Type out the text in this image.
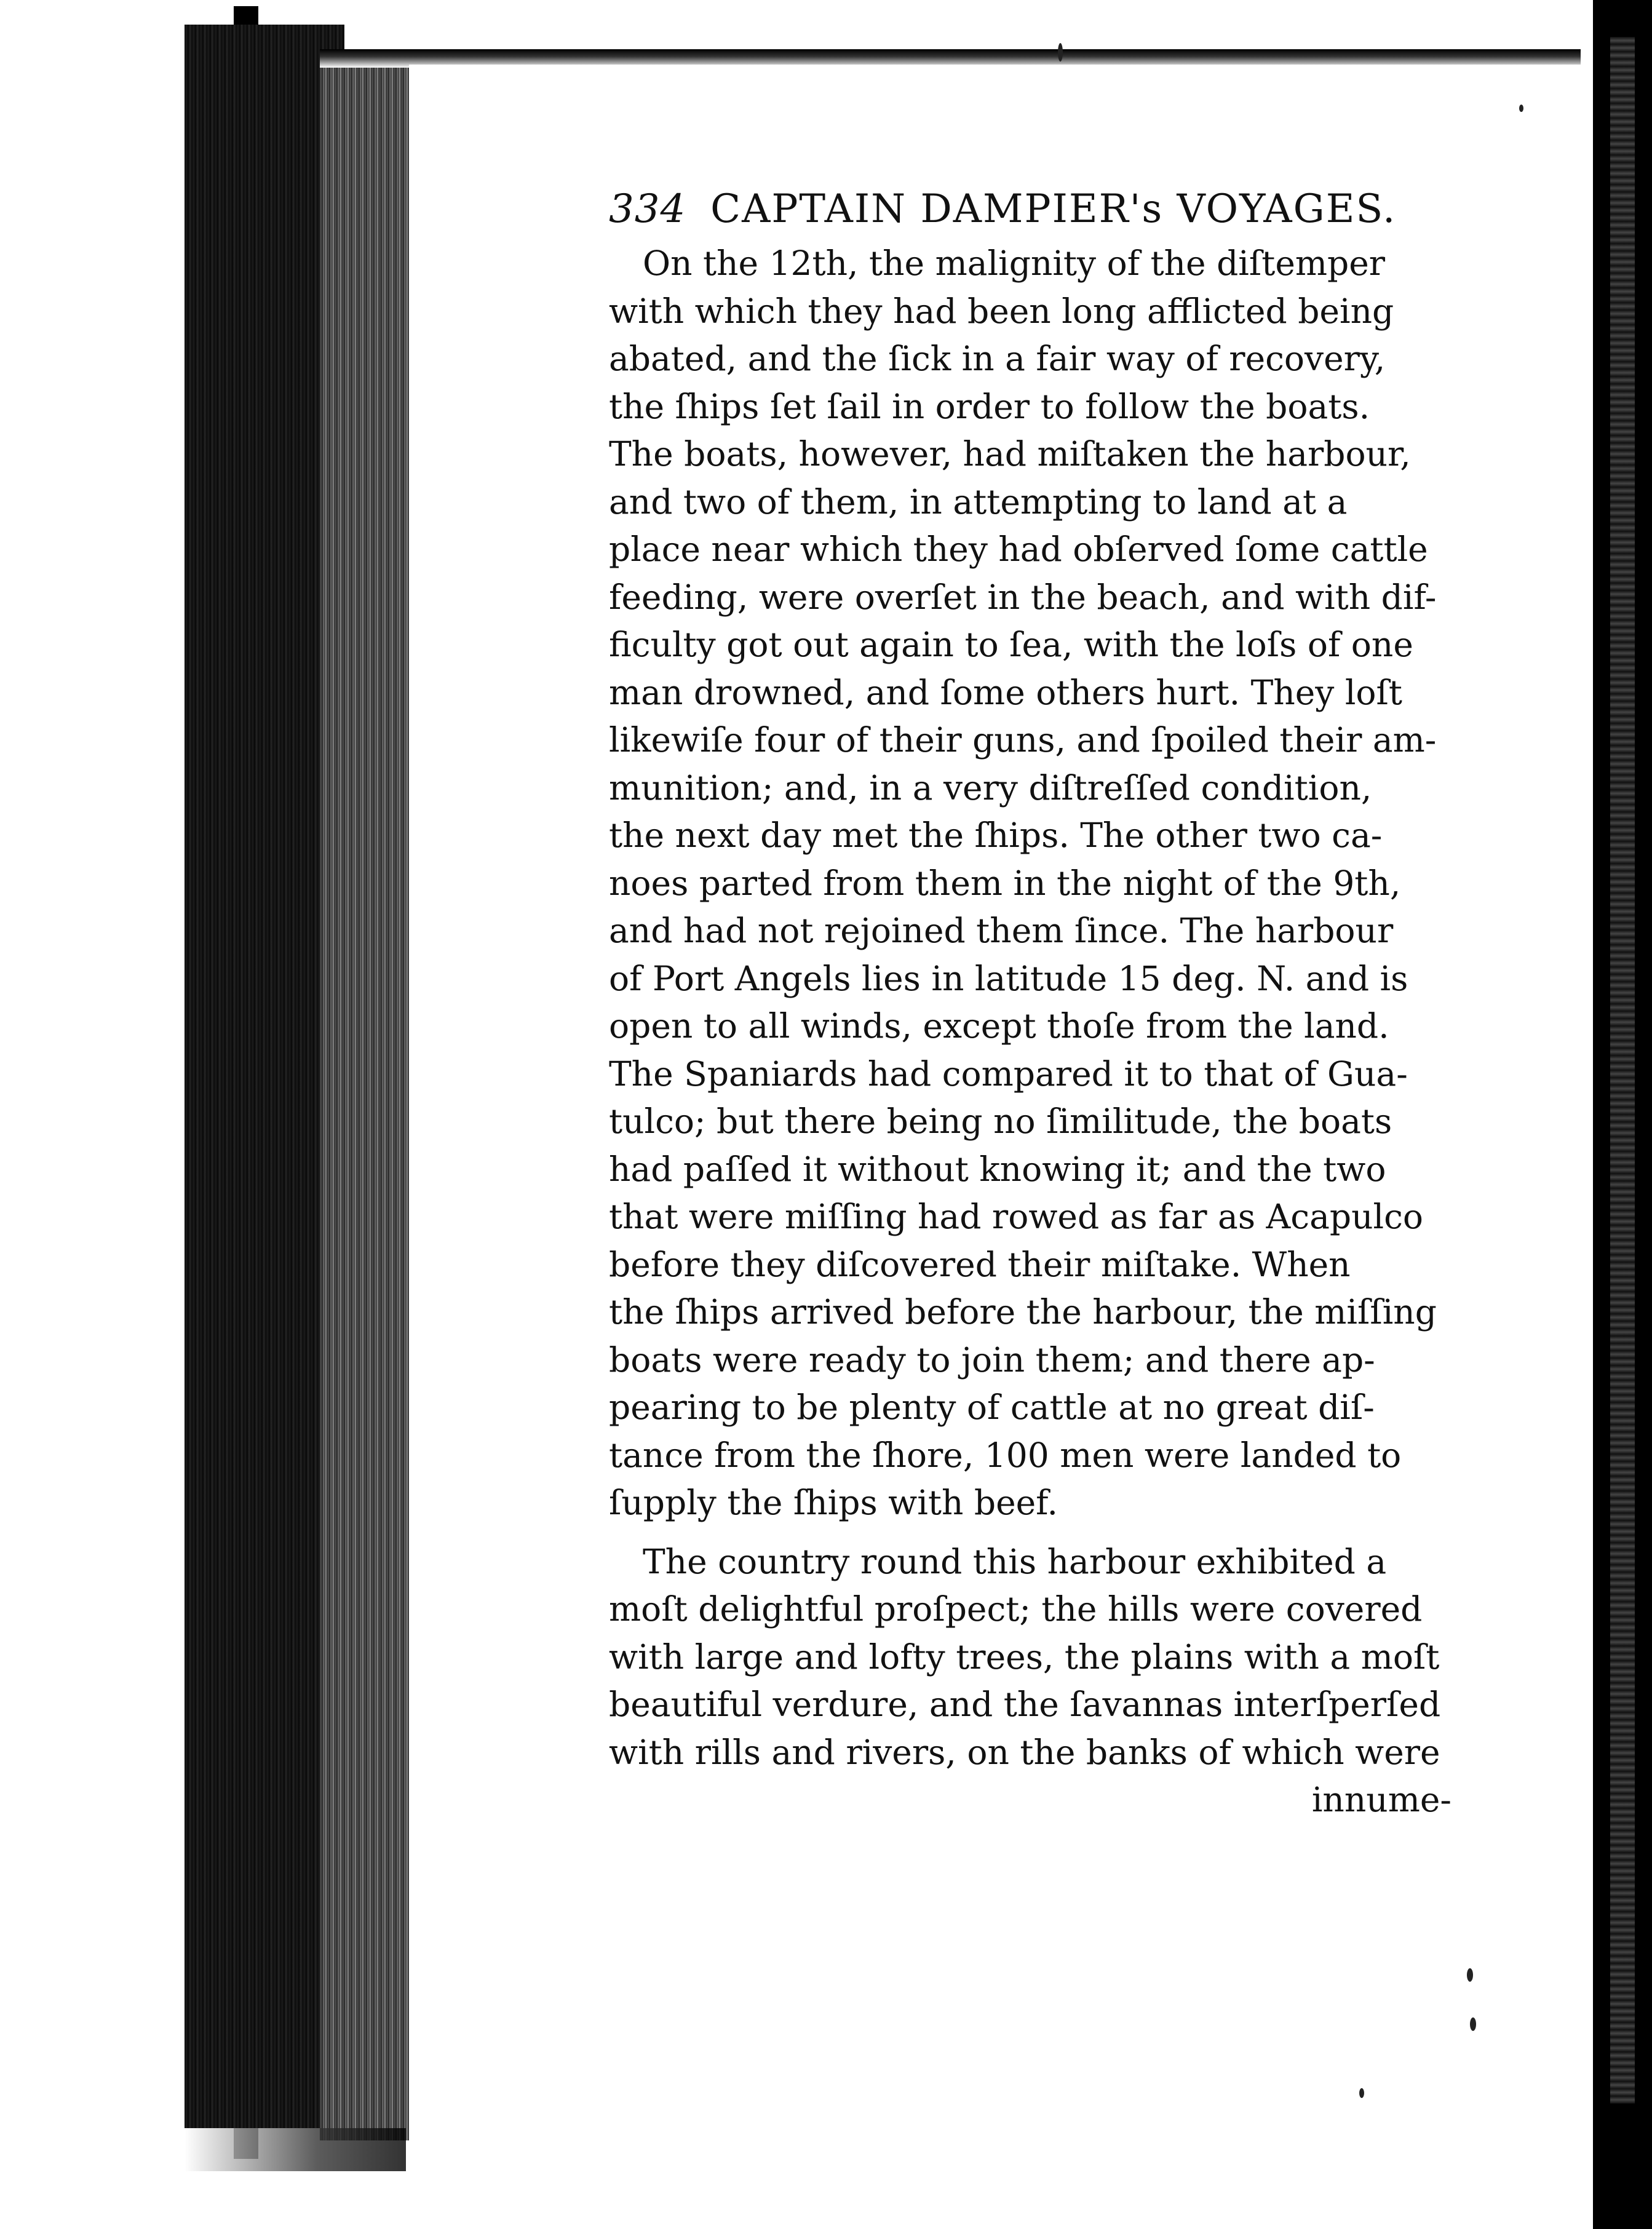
334 CAPTAIN DAMPIER's VOYAGES.
On the 12th, the malignity of the diſtemper
with which they had been long afflicted being
abated, and the ſick in a fair way of recovery,
the ſhips ſet ſail in order to follow the boats.
The boats, however, had miſtaken the harbour,
and two of them, in attempting to land at a
place near which they had obſerved ſome cattle
feeding, were overſet in the beach, and with dif-
ficulty got out again to ſea, with the loſs of one
man drowned, and ſome others hurt. They loſt
likewiſe four of their guns, and ſpoiled their am-
munition; and, in a very diſtreſſed condition,
the next day met the ſhips. The other two ca-
noes parted from them in the night of the 9th,
and had not rejoined them ſince. The harbour
of Port Angels lies in latitude 15 deg. N. and is
open to all winds, except thoſe from the land.
The Spaniards had compared it to that of Gua-
tulco; but there being no ſimilitude, the boats
had paſſed it without knowing it; and the two
that were miſſing had rowed as far as Acapulco
before they diſcovered their miſtake. When
the ſhips arrived before the harbour, the miſſing
boats were ready to join them; and there ap-
pearing to be plenty of cattle at no great diſ-
tance from the ſhore, 100 men were landed to
ſupply the ſhips with beef.
The country round this harbour exhibited a
moſt delightful proſpect; the hills were covered
with large and lofty trees, the plains with a moſt
beautiful verdure, and the ſavannas interſperſed
with rills and rivers, on the banks of which were
innume-
